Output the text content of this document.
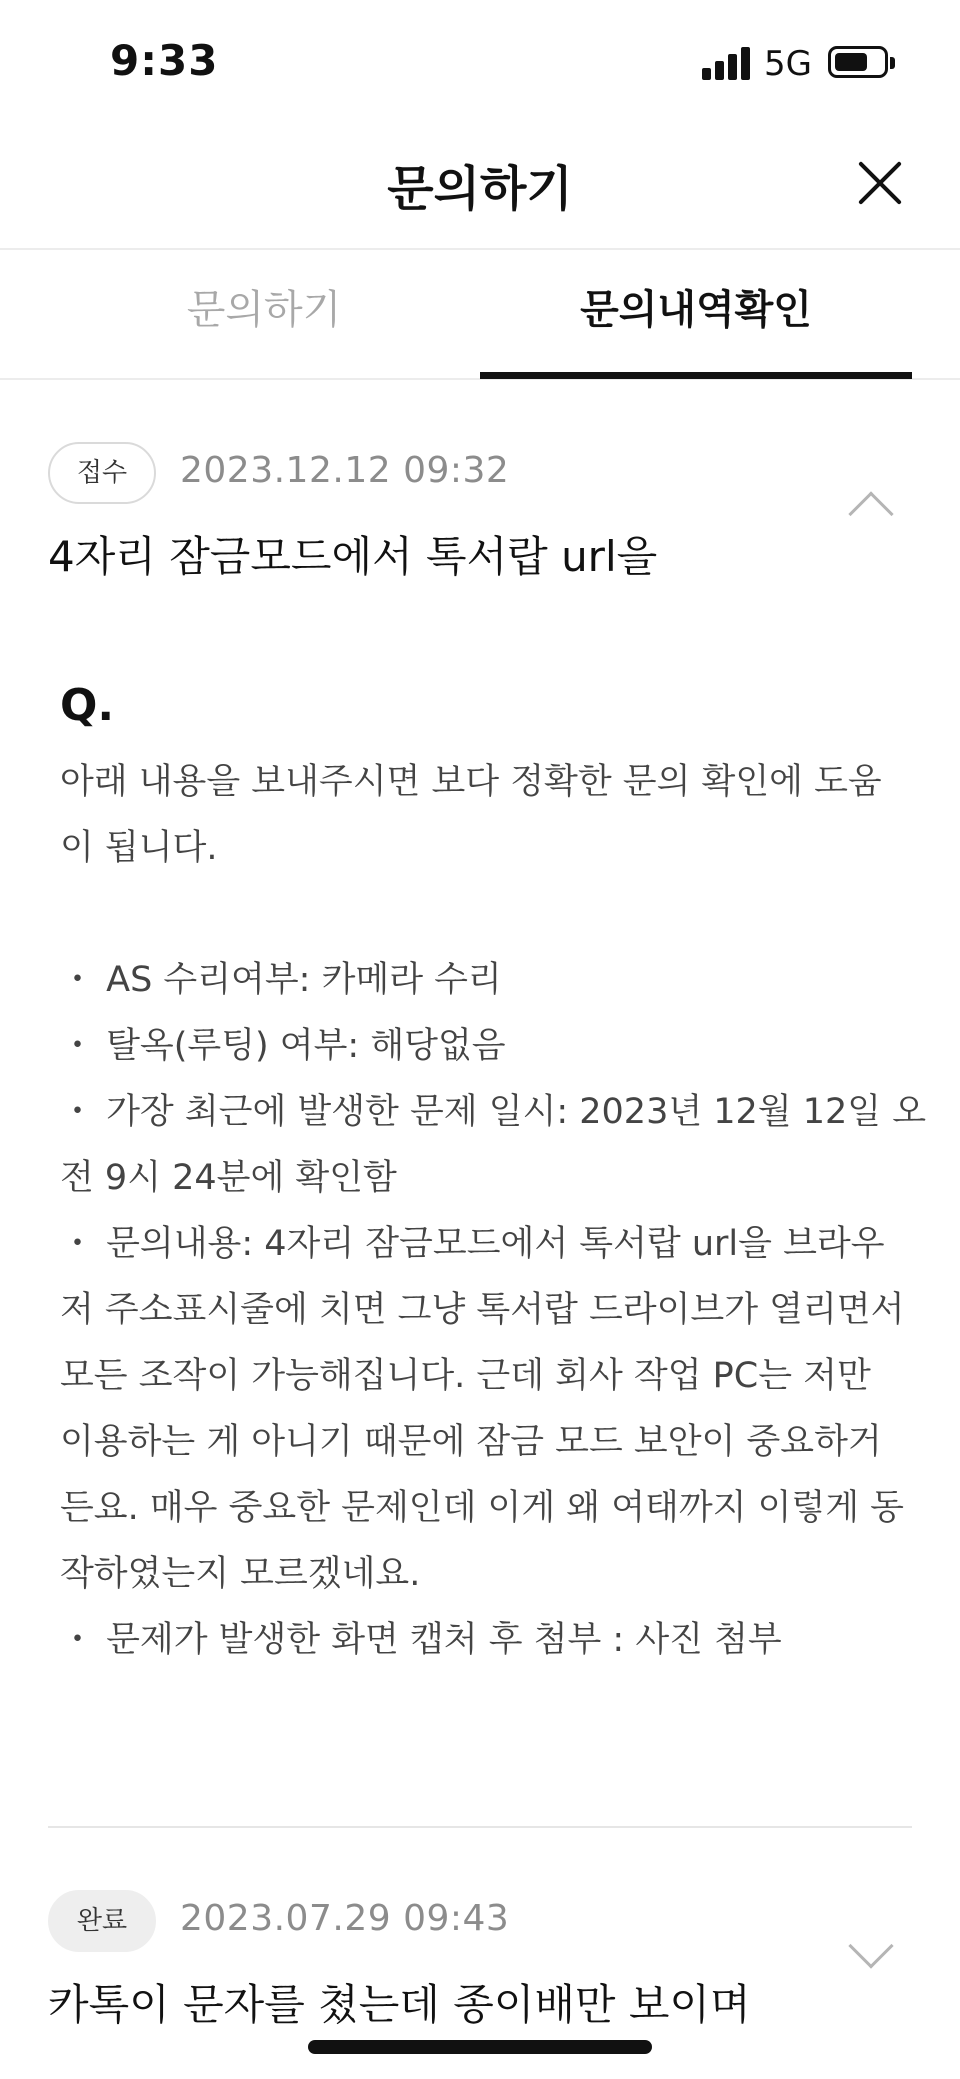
9:33	5G
문의하기
문의하기	문의내역확인
접수	2023.12.12 09:32
4자리 잠금모드에서 톡서랍 url을
Q.
아래 내용을 보내주시면 보다 정확한 문의 확인에 도움
이 됩니다.
・ AS 수리여부: 카메라 수리
・ 탈옥(루팅) 여부: 해당없음
・ 가장 최근에 발생한 문제 일시: 2023년 12월 12일 오
전 9시 24분에 확인함
・ 문의내용: 4자리 잠금모드에서 톡서랍 url을 브라우
저 주소표시줄에 치면 그냥 톡서랍 드라이브가 열리면서
모든 조작이 가능해집니다. 근데 회사 작업 PC는 저만
이용하는 게 아니기 때문에 잠금 모드 보안이 중요하거
든요. 매우 중요한 문제인데 이게 왜 여태까지 이렇게 동
작하였는지 모르겠네요.
・ 문제가 발생한 화면 캡처 후 첨부 : 사진 첨부
완료	2023.07.29 09:43
카톡이 문자를 쳤는데 종이배만 보이며
